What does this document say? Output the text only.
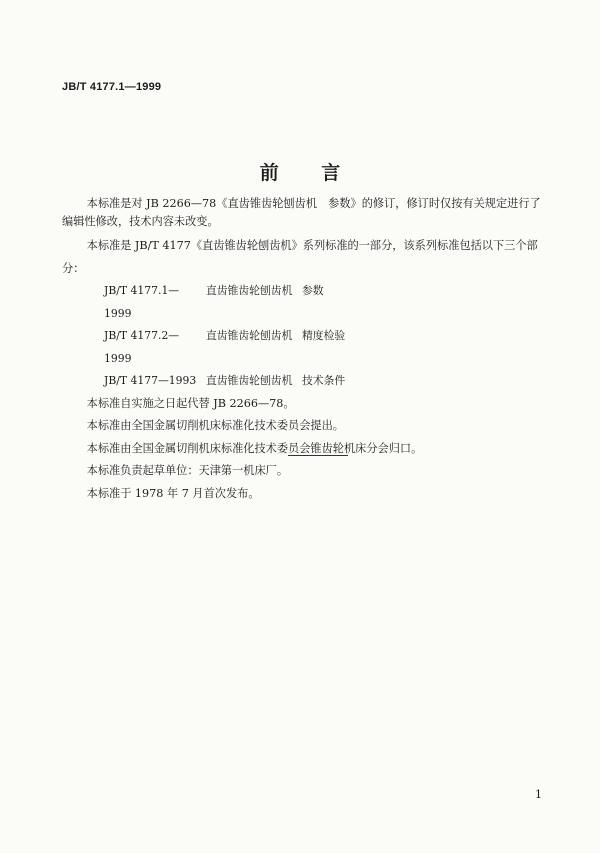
JB/T 4177.1—1999
前 言

本标准是对 JB 2266—78《直齿锥齿轮刨齿机　参数》的修订，修订时仅按有关规定进行了编辑性修改，技术内容未改变。

本标准是 JB/T 4177《直齿锥齿轮刨齿机》系列标准的一部分，该系列标准包括以下三个部分：

JB/T 4177.1—1999
直齿锥齿轮刨齿机 参数
JB/T 4177.2—1999
直齿锥齿轮刨齿机 精度检验
JB/T 4177—1993 直齿锥齿轮刨齿机 技术条件

本标准自实施之日起代替 JB 2266—78。

本标准由全国金属切削机床标准化技术委员会提出。

本标准由全国金属切削机床标准化技术委员会锥齿轮机床分会归口。

本标准负责起草单位：天津第一机床厂。

本标准于 1978 年 7 月首次发布。

1
